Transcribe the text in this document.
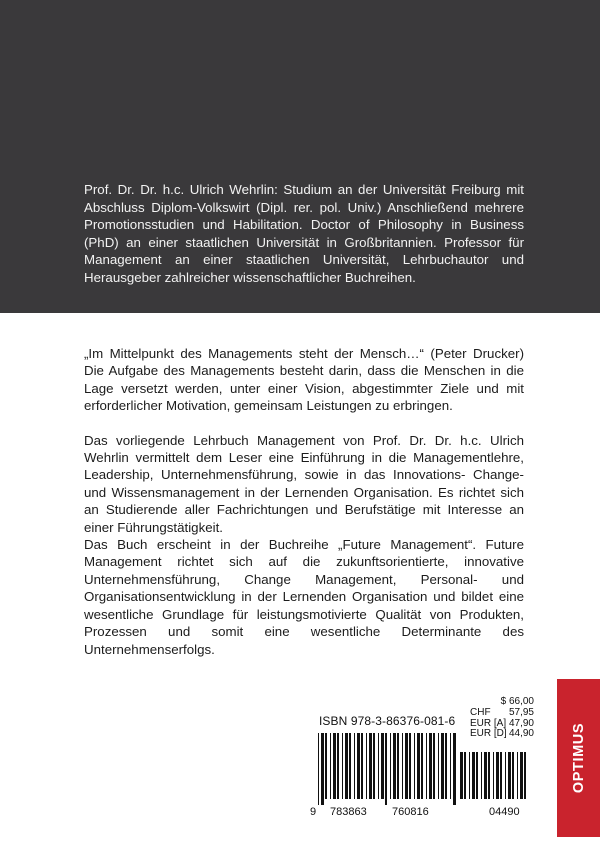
Prof. Dr. Dr. h.c. Ulrich Wehrlin: Studium an der Universität Freiburg mit Abschluss Diplom-Volkswirt (Dipl. rer. pol. Univ.) Anschließend mehrere Promotionsstudien und Habilitation. Doctor of Philosophy in Business (PhD) an einer staatlichen Universität in Großbritannien. Professor für Management an einer staatlichen Universität, Lehrbuchautor und Herausgeber zahlreicher wissenschaftlicher Buchreihen.

„Im Mittelpunkt des Managements steht der Mensch…“ (Peter Drucker) Die Aufgabe des Managements besteht darin, dass die Menschen in die Lage versetzt werden, unter einer Vision, abgestimmter Ziele und mit erforderlicher Motivation, gemeinsam Leistungen zu erbringen.

Das vorliegende Lehrbuch Management von Prof. Dr. Dr. h.c. Ulrich Wehrlin vermittelt dem Leser eine Einführung in die Managementlehre, Leadership, Unternehmensführung, sowie in das Innovations- Change- und Wissensmanagement in der Lernenden Organisation. Es richtet sich an Studierende aller Fachrichtungen und Berufstätige mit Interesse an einer Führungstätigkeit.

Das Buch erscheint in der Buchreihe „Future Management“. Future Management richtet sich auf die zukunftsorientierte, innovative Unternehmensführung, Change Management, Personal- und Organisationsentwicklung in der Lernenden Organisation und bildet eine wesentliche Grundlage für leistungsmotivierte Qualität von Produkten, Prozessen und somit eine wesentliche Determinante des Unternehmenserfolgs.

ISBN 978-3-86376-081-6
$ 66,00
CHF 57,95
EUR [A] 47,90
EUR [D] 44,90
9 783863 760816	04490
OPTIMUS
